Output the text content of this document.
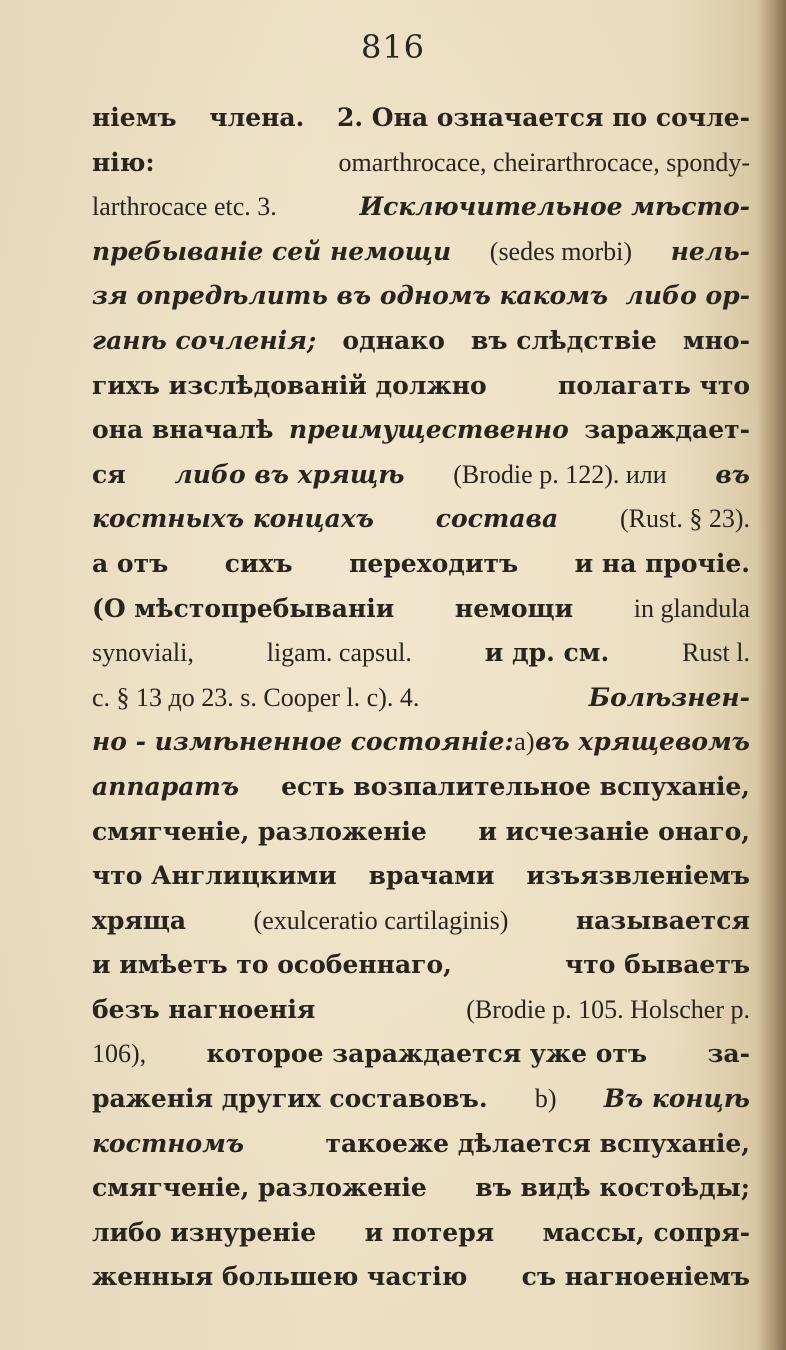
816
ніемъ члена. 2. Она означается по сочле-
нію:	omarthrocace, cheirarthrocace, spondy-
larthrocace etc. 3.	Исключительное мѣсто-
пребываніе сей немощи (sedes morbi) нель-
зя опредѣлить въ одномъ какомъ либо ор-
ганѣ сочленія; однако въ слѣдствіе мно-
гихъ изслѣдованій должно	полагать что
она вначалѣ преимущественно зараждает-
ся либо въ хрящѣ (Brodie p. 122). или въ
костныхъ концахъ состава (Rust. § 23).
а отъ сихъ переходитъ и на прочіе.
(О мѣстопребываніи немощи in glandula
synoviali,	ligam. capsul.	и др. см.	Rust l.
c. § 13 до 23. s. Cooper l. c). 4.	Болѣзнен-
но - измѣненное состояніе: a) въ хрящевомъ
аппаратъ есть возпалительное вспуханіе,
смягченіе, разложеніе и исчезаніе онаго,
что Англицкими врачами изъязвленіемъ
хряща	(exulceratio cartilaginis)	называется
и имѣетъ то особеннаго,	что бываетъ
безъ нагноенія	(Brodie p. 105. Holscher p.
106), которое зараждается уже отъ за-
раженія других составовъ. b) Въ концѣ
костномъ	такоеже дѣлается вспуханіе,
смягченіе, разложеніе въ видѣ костоѣды;
либо изнуреніе и потеря массы, сопря-
женныя большею частію съ нагноеніемъ
